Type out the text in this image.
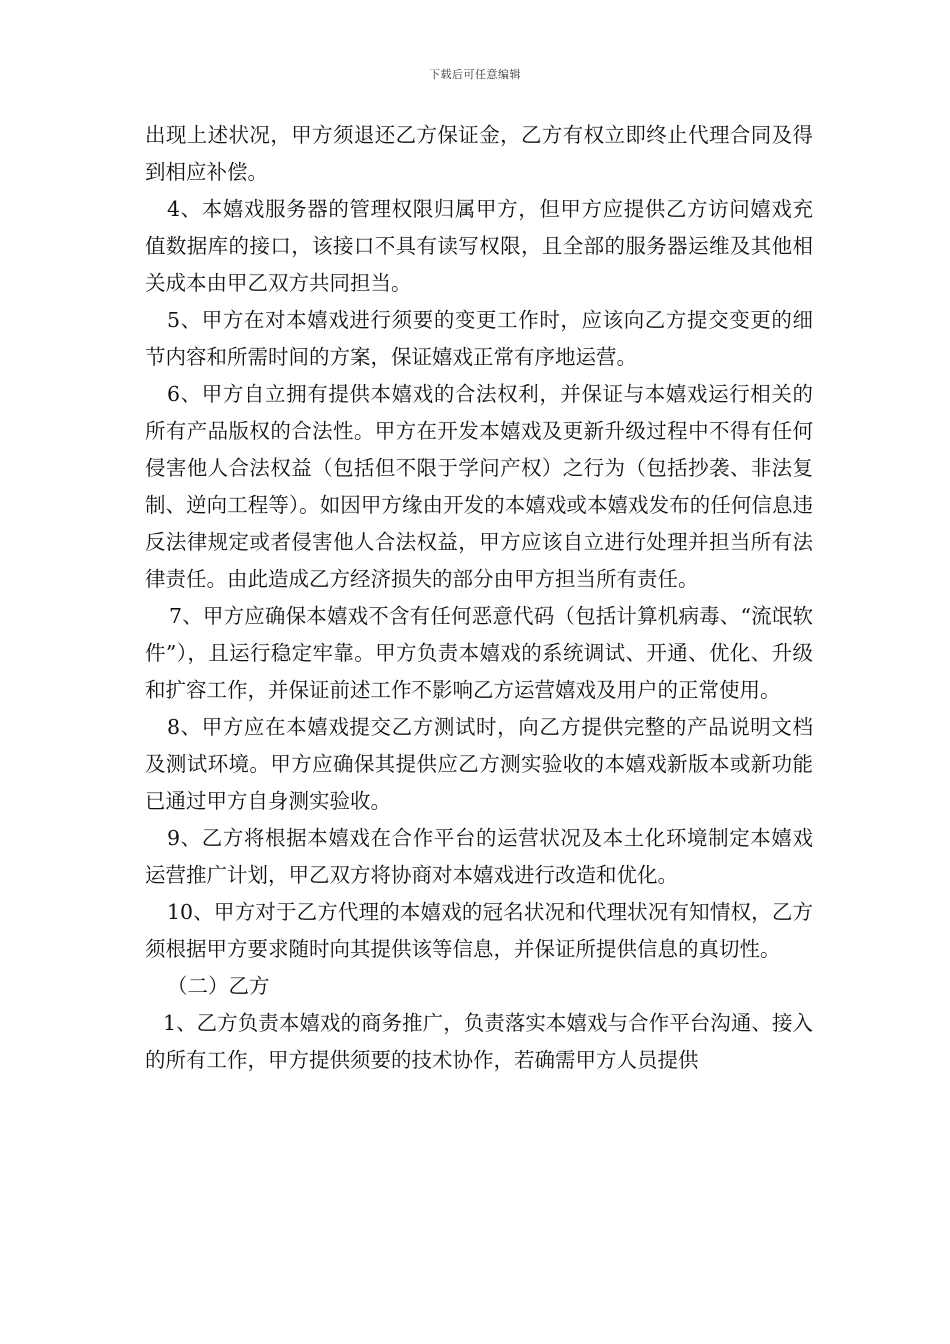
下载后可任意编辑

出现上述状况，甲方须退还乙方保证金，乙方有权立即终止代理合同及得到相应补偿。

4、本嬉戏服务器的管理权限归属甲方，但甲方应提供乙方访问嬉戏充值数据库的接口，该接口不具有读写权限，且全部的服务器运维及其他相关成本由甲乙双方共同担当。

5、甲方在对本嬉戏进行须要的变更工作时，应该向乙方提交变更的细节内容和所需时间的方案，保证嬉戏正常有序地运营。

6、甲方自立拥有提供本嬉戏的合法权利，并保证与本嬉戏运行相关的所有产品版权的合法性。甲方在开发本嬉戏及更新升级过程中不得有任何侵害他人合法权益（包括但不限于学问产权）之行为（包括抄袭、非法复制、逆向工程等）。如因甲方缘由开发的本嬉戏或本嬉戏发布的任何信息违反法律规定或者侵害他人合法权益，甲方应该自立进行处理并担当所有法律责任。由此造成乙方经济损失的部分由甲方担当所有责任。

7、甲方应确保本嬉戏不含有任何恶意代码（包括计算机病毒、“流氓软件”），且运行稳定牢靠。甲方负责本嬉戏的系统调试、开通、优化、升级和扩容工作，并保证前述工作不影响乙方运营嬉戏及用户的正常使用。

8、甲方应在本嬉戏提交乙方测试时，向乙方提供完整的产品说明文档及测试环境。甲方应确保其提供应乙方测实验收的本嬉戏新版本或新功能已通过甲方自身测实验收。

9、乙方将根据本嬉戏在合作平台的运营状况及本土化环境制定本嬉戏运营推广计划，甲乙双方将协商对本嬉戏进行改造和优化。

10、甲方对于乙方代理的本嬉戏的冠名状况和代理状况有知情权，乙方须根据甲方要求随时向其提供该等信息，并保证所提供信息的真切性。

（二）乙方

1、乙方负责本嬉戏的商务推广，负责落实本嬉戏与合作平台沟通、接入的所有工作，甲方提供须要的技术协作，若确需甲方人员提供
